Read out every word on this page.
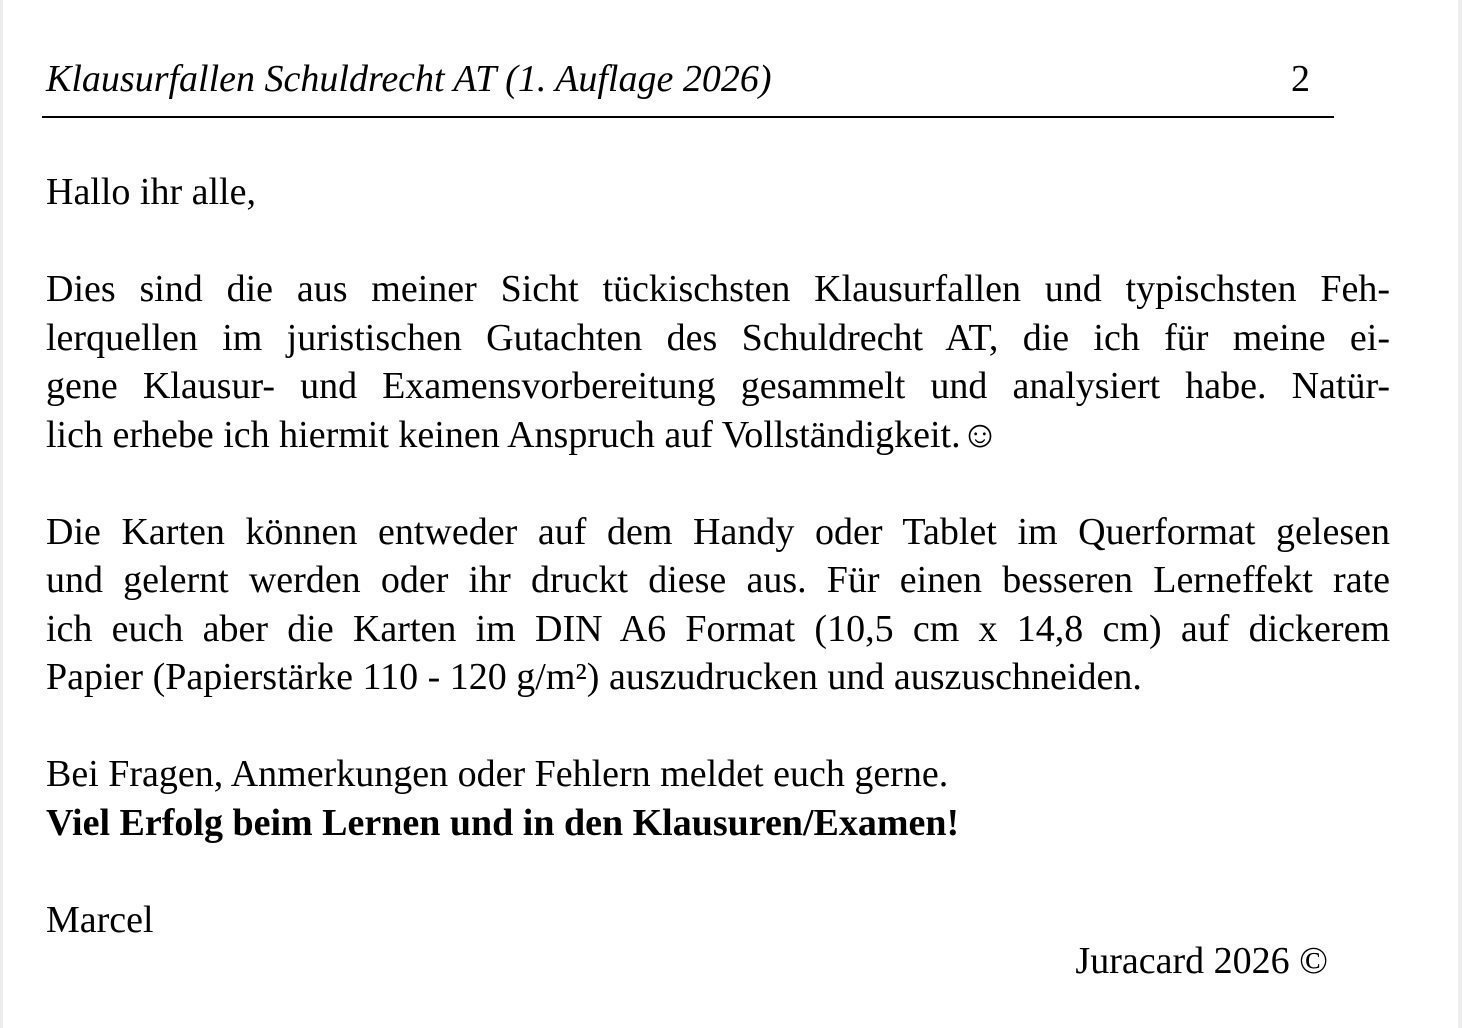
Klausurfallen Schuldrecht AT (1. Auflage 2026)	2

Hallo ihr alle,

Dies sind die aus meiner Sicht tückischsten Klausurfallen und typischsten Feh-
lerquellen im juristischen Gutachten des Schuldrecht AT, die ich für meine ei-
gene Klausur- und Examensvorbereitung gesammelt und analysiert habe. Natür-
lich erhebe ich hiermit keinen Anspruch auf Vollständigkeit.☺
Die Karten können entweder auf dem Handy oder Tablet im Querformat gelesen
und gelernt werden oder ihr druckt diese aus. Für einen besseren Lerneffekt rate
ich euch aber die Karten im DIN A6 Format (10,5 cm x 14,8 cm) auf dickerem
Papier (Papierstärke 110 - 120 g/m²) auszudrucken und auszuschneiden.

Bei Fragen, Anmerkungen oder Fehlern meldet euch gerne.

Viel Erfolg beim Lernen und in den Klausuren/Examen!

Marcel

Juracard 2026 ©
